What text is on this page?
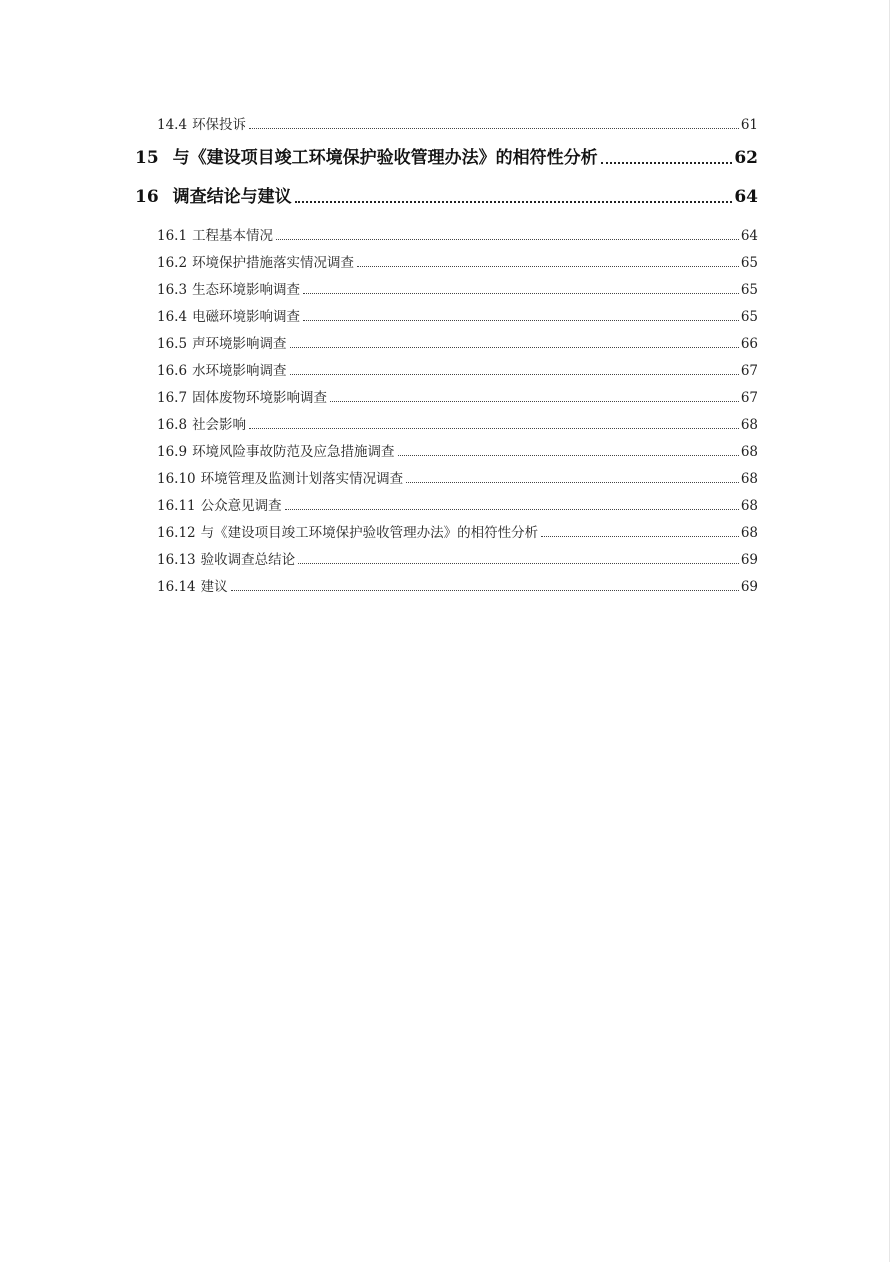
14.4 环保投诉	61
15 与《建设项目竣工环境保护验收管理办法》的相符性分析	62
16 调查结论与建议	64
16.1 工程基本情况	64
16.2 环境保护措施落实情况调查	65
16.3 生态环境影响调查	65
16.4 电磁环境影响调查	65
16.5 声环境影响调查	66
16.6 水环境影响调查	67
16.7 固体废物环境影响调查	67
16.8 社会影响	68
16.9 环境风险事故防范及应急措施调查	68
16.10 环境管理及监测计划落实情况调查	68
16.11 公众意见调查	68
16.12 与《建设项目竣工环境保护验收管理办法》的相符性分析	68
16.13 验收调查总结论	69
16.14 建议	69
